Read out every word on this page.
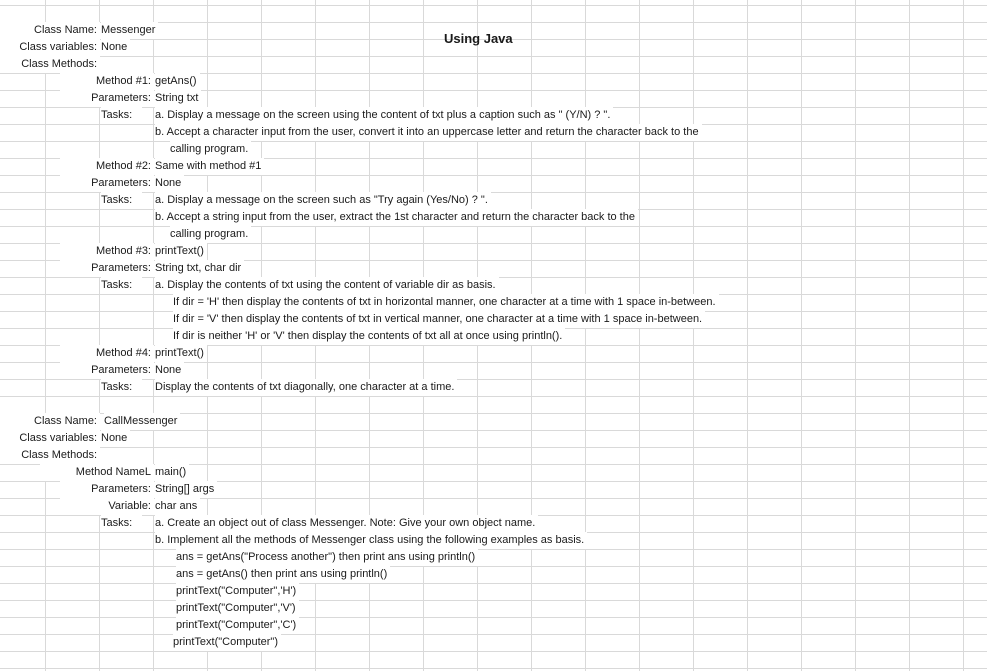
Using Java
Class Name: Messenger
Class variables: None
Class Methods:
Method #1: getAns()
Parameters: String txt
Tasks:	a. Display a message on the screen using the content of txt plus a caption such as " (Y/N) ? ".
b. Accept a character input from the user, convert it into an uppercase letter and return the character back to the
calling program.
Method #2: Same with method #1
Parameters: None
Tasks:	a. Display a message on the screen such as "Try again (Yes/No) ? ".
b. Accept a string input from the user, extract the 1st character and return the character back to the
calling program.
Method #3: printText()
Parameters: String txt, char dir
Tasks:	a. Display the contents of txt using the content of variable dir as basis.
If dir = 'H' then display the contents of txt in horizontal manner, one character at a time with 1 space in-between.
If dir = 'V' then display the contents of txt in vertical manner, one character at a time with 1 space in-between.
If dir is neither 'H' or 'V' then display the contents of txt all at once using println().
Method #4: printText()
Parameters: None
Tasks:	Display the contents of txt diagonally, one character at a time.
Class Name: CallMessenger
Class variables: None
Class Methods:
Method NameL main()
Parameters: String[] args
Variable: char ans
Tasks:	a. Create an object out of class Messenger. Note: Give your own object name.
b. Implement all the methods of Messenger class using the following examples as basis.
ans = getAns("Process another") then print ans using println()
ans = getAns() then print ans using println()
printText("Computer",'H')
printText("Computer",'V')
printText("Computer",'C')
printText("Computer")
